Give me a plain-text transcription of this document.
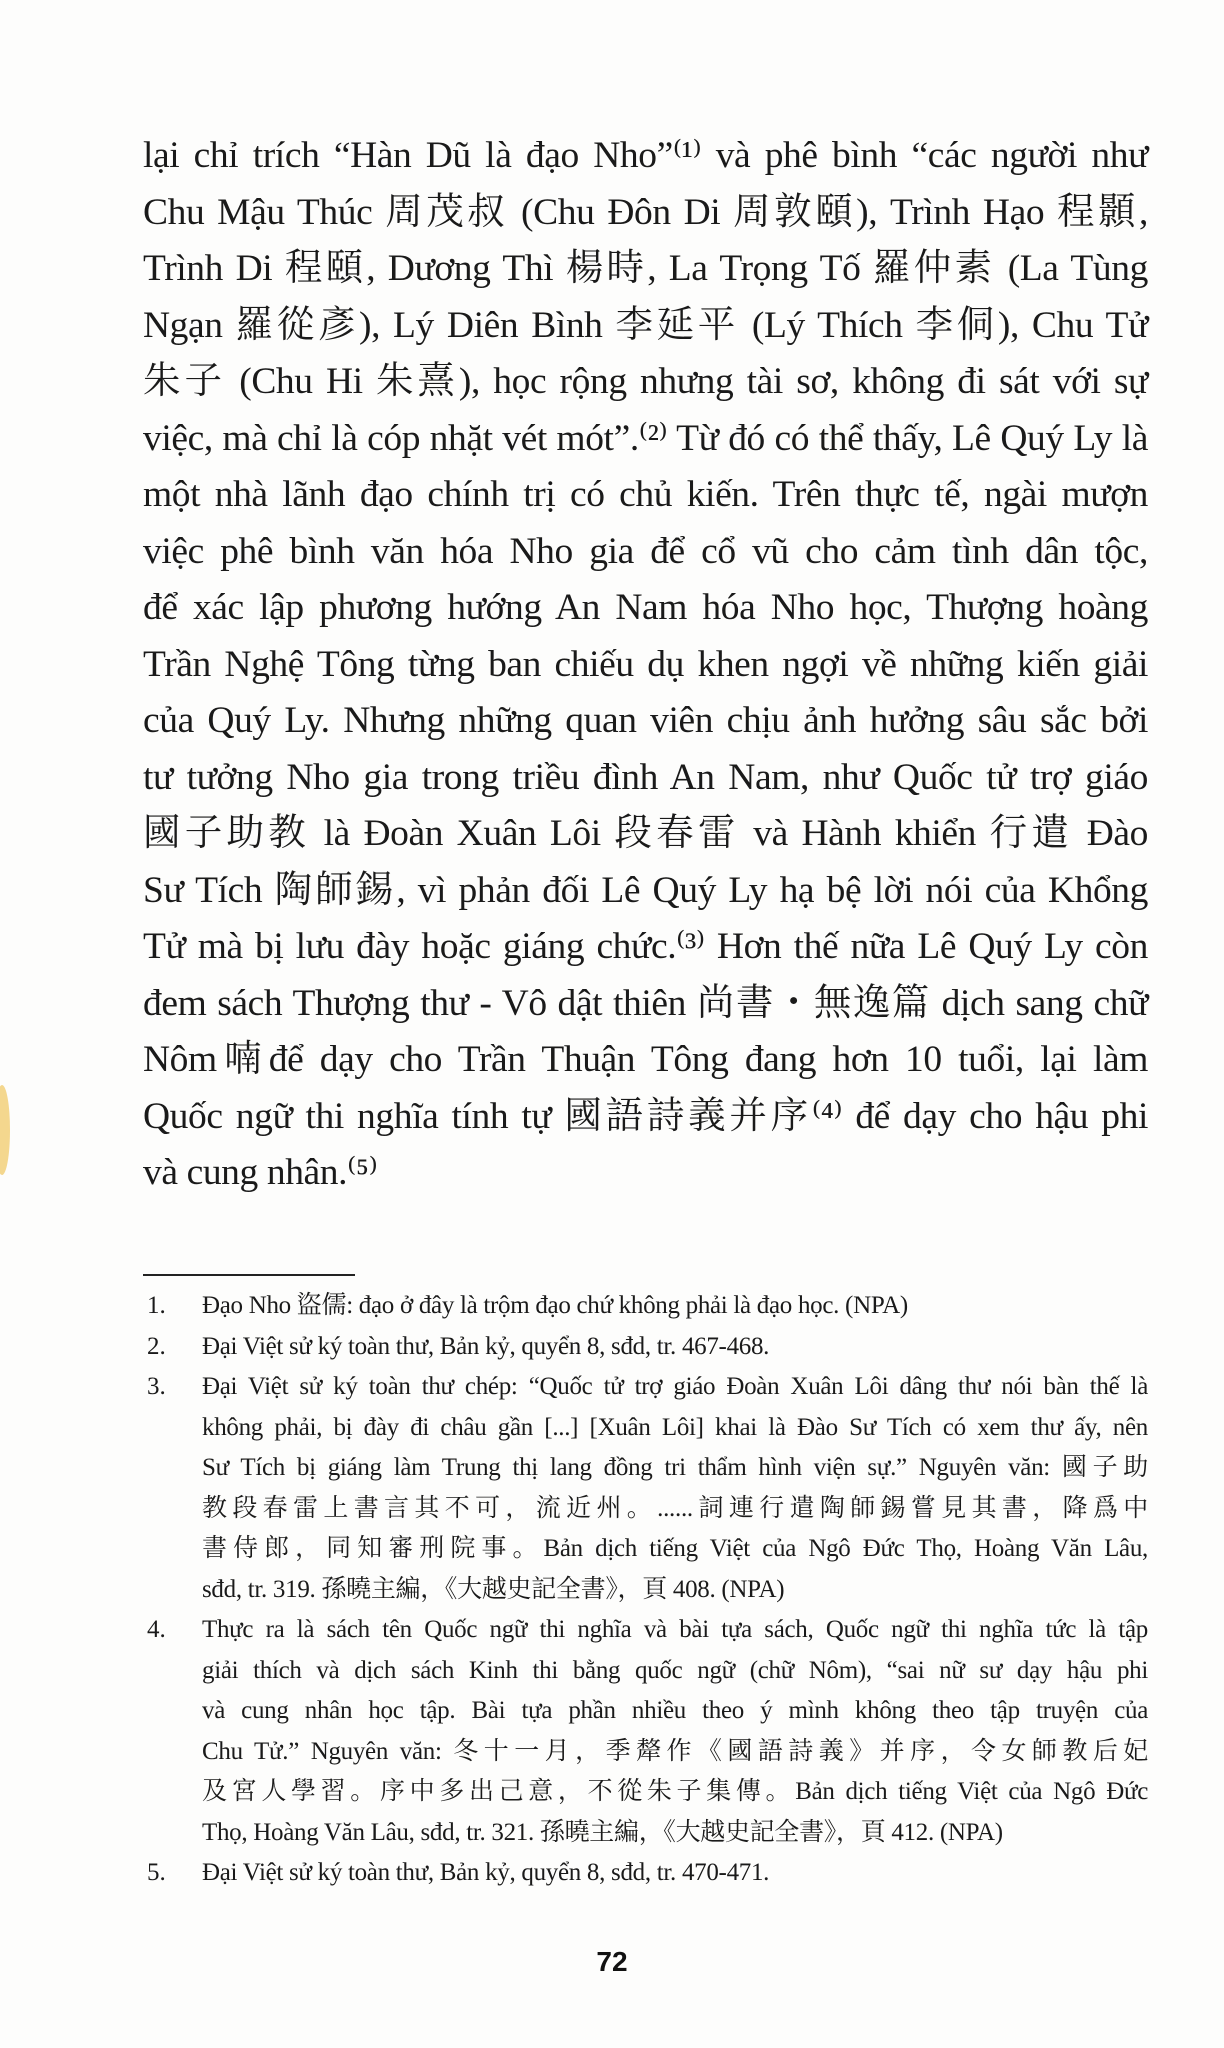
lại chỉ trích “Hàn Dũ là đạo Nho”⁽¹⁾ và phê bình “các người như
Chu Mậu Thúc 周茂叔 (Chu Đôn Di 周敦頤), Trình Hạo 程顥,
Trình Di 程頤, Dương Thì 楊時, La Trọng Tố 羅仲素 (La Tùng
Ngạn 羅從彥), Lý Diên Bình 李延平 (Lý Thích 李侗), Chu Tử
朱子 (Chu Hi 朱熹), học rộng nhưng tài sơ, không đi sát với sự
việc, mà chỉ là cóp nhặt vét mót”.⁽²⁾ Từ đó có thể thấy, Lê Quý Ly là
một nhà lãnh đạo chính trị có chủ kiến. Trên thực tế, ngài mượn
việc phê bình văn hóa Nho gia để cổ vũ cho cảm tình dân tộc,
để xác lập phương hướng An Nam hóa Nho học, Thượng hoàng
Trần Nghệ Tông từng ban chiếu dụ khen ngợi về những kiến giải
của Quý Ly. Nhưng những quan viên chịu ảnh hưởng sâu sắc bởi
tư tưởng Nho gia trong triều đình An Nam, như Quốc tử trợ giáo
國子助教 là Đoàn Xuân Lôi 段春雷 và Hành khiển 行遣 Đào
Sư Tích 陶師錫, vì phản đối Lê Quý Ly hạ bệ lời nói của Khổng
Tử mà bị lưu đày hoặc giáng chức.⁽³⁾ Hơn thế nữa Lê Quý Ly còn
đem sách Thượng thư - Vô dật thiên 尚書・無逸篇 dịch sang chữ
Nôm喃để dạy cho Trần Thuận Tông đang hơn 10 tuổi, lại làm
Quốc ngữ thi nghĩa tính tự 國語詩義并序⁽⁴⁾ để dạy cho hậu phi
và cung nhân.⁽⁵⁾
1. Đạo Nho 盜儒: đạo ở đây là trộm đạo chứ không phải là đạo học. (NPA)
2. Đại Việt sử ký toàn thư, Bản kỷ, quyển 8, sđd, tr. 467-468.
3. Đại Việt sử ký toàn thư chép: “Quốc tử trợ giáo Đoàn Xuân Lôi dâng thư nói bàn thế là
không phải, bị đày đi châu gần [...] [Xuân Lôi] khai là Đào Sư Tích có xem thư ấy, nên
Sư Tích bị giáng làm Trung thị lang đồng tri thẩm hình viện sự.” Nguyên văn: 國子助
教段春雷上書言其不可，流近州。......詞連行遣陶師錫嘗見其書，降爲中
書侍郎，同知審刑院事。Bản dịch tiếng Việt của Ngô Đức Thọ, Hoàng Văn Lâu,
sđd, tr. 319. 孫曉主編，《大越史記全書》，頁 408. (NPA)
4. Thực ra là sách tên Quốc ngữ thi nghĩa và bài tựa sách, Quốc ngữ thi nghĩa tức là tập
giải thích và dịch sách Kinh thi bằng quốc ngữ (chữ Nôm), “sai nữ sư dạy hậu phi
và cung nhân học tập. Bài tựa phần nhiều theo ý mình không theo tập truyện của
Chu Tử.” Nguyên văn: 冬十一月，季犛作《國語詩義》并序，令女師教后妃
及宮人學習。序中多出己意，不從朱子集傳。Bản dịch tiếng Việt của Ngô Đức
Thọ, Hoàng Văn Lâu, sđd, tr. 321. 孫曉主編，《大越史記全書》，頁 412. (NPA)
5. Đại Việt sử ký toàn thư, Bản kỷ, quyển 8, sđd, tr. 470-471.
72
